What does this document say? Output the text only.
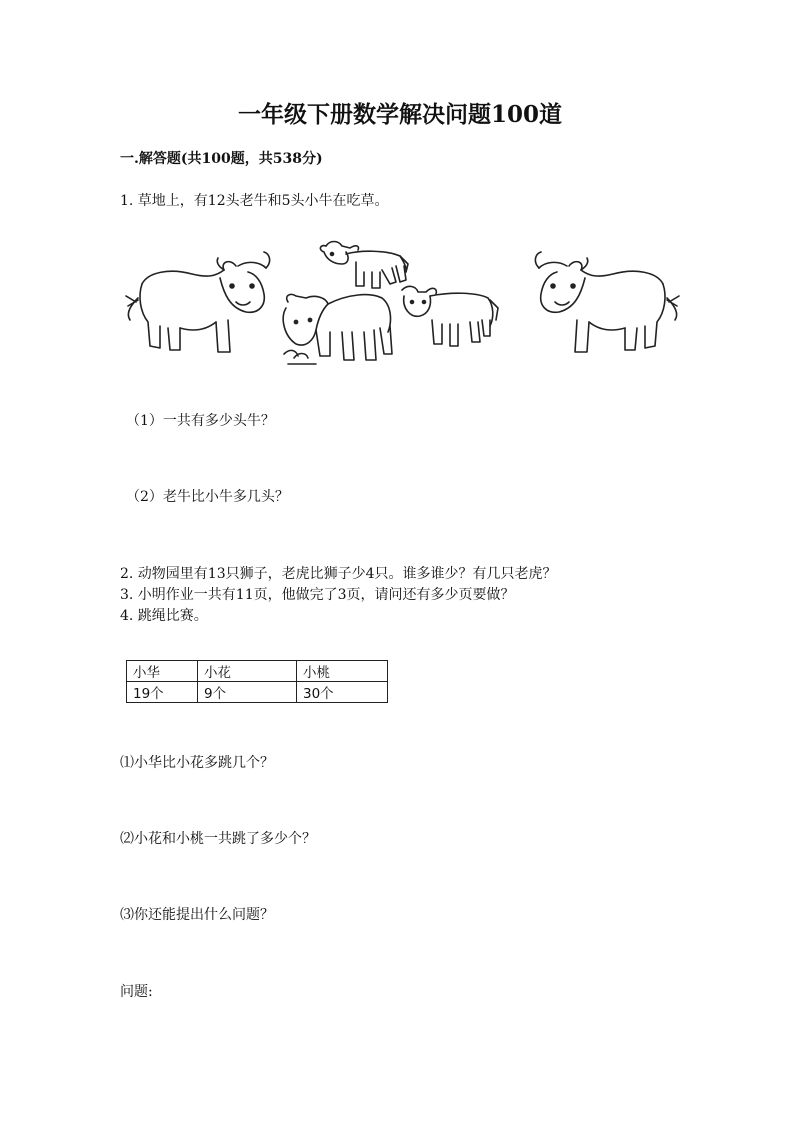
一年级下册数学解决问题100道
一.解答题(共100题，共538分)
1. 草地上，有12头老牛和5头小牛在吃草。
（1）一共有多少头牛？
（2）老牛比小牛多几头？
2. 动物园里有13只狮子，老虎比狮子少4只。谁多谁少？有几只老虎？
3. 小明作业一共有11页，他做完了3页，请问还有多少页要做？
4. 跳绳比赛。
小华	小花	小桃
19个	9个	30个
⑴小华比小花多跳几个？
⑵小花和小桃一共跳了多少个？
⑶你还能提出什么问题？
问题:
